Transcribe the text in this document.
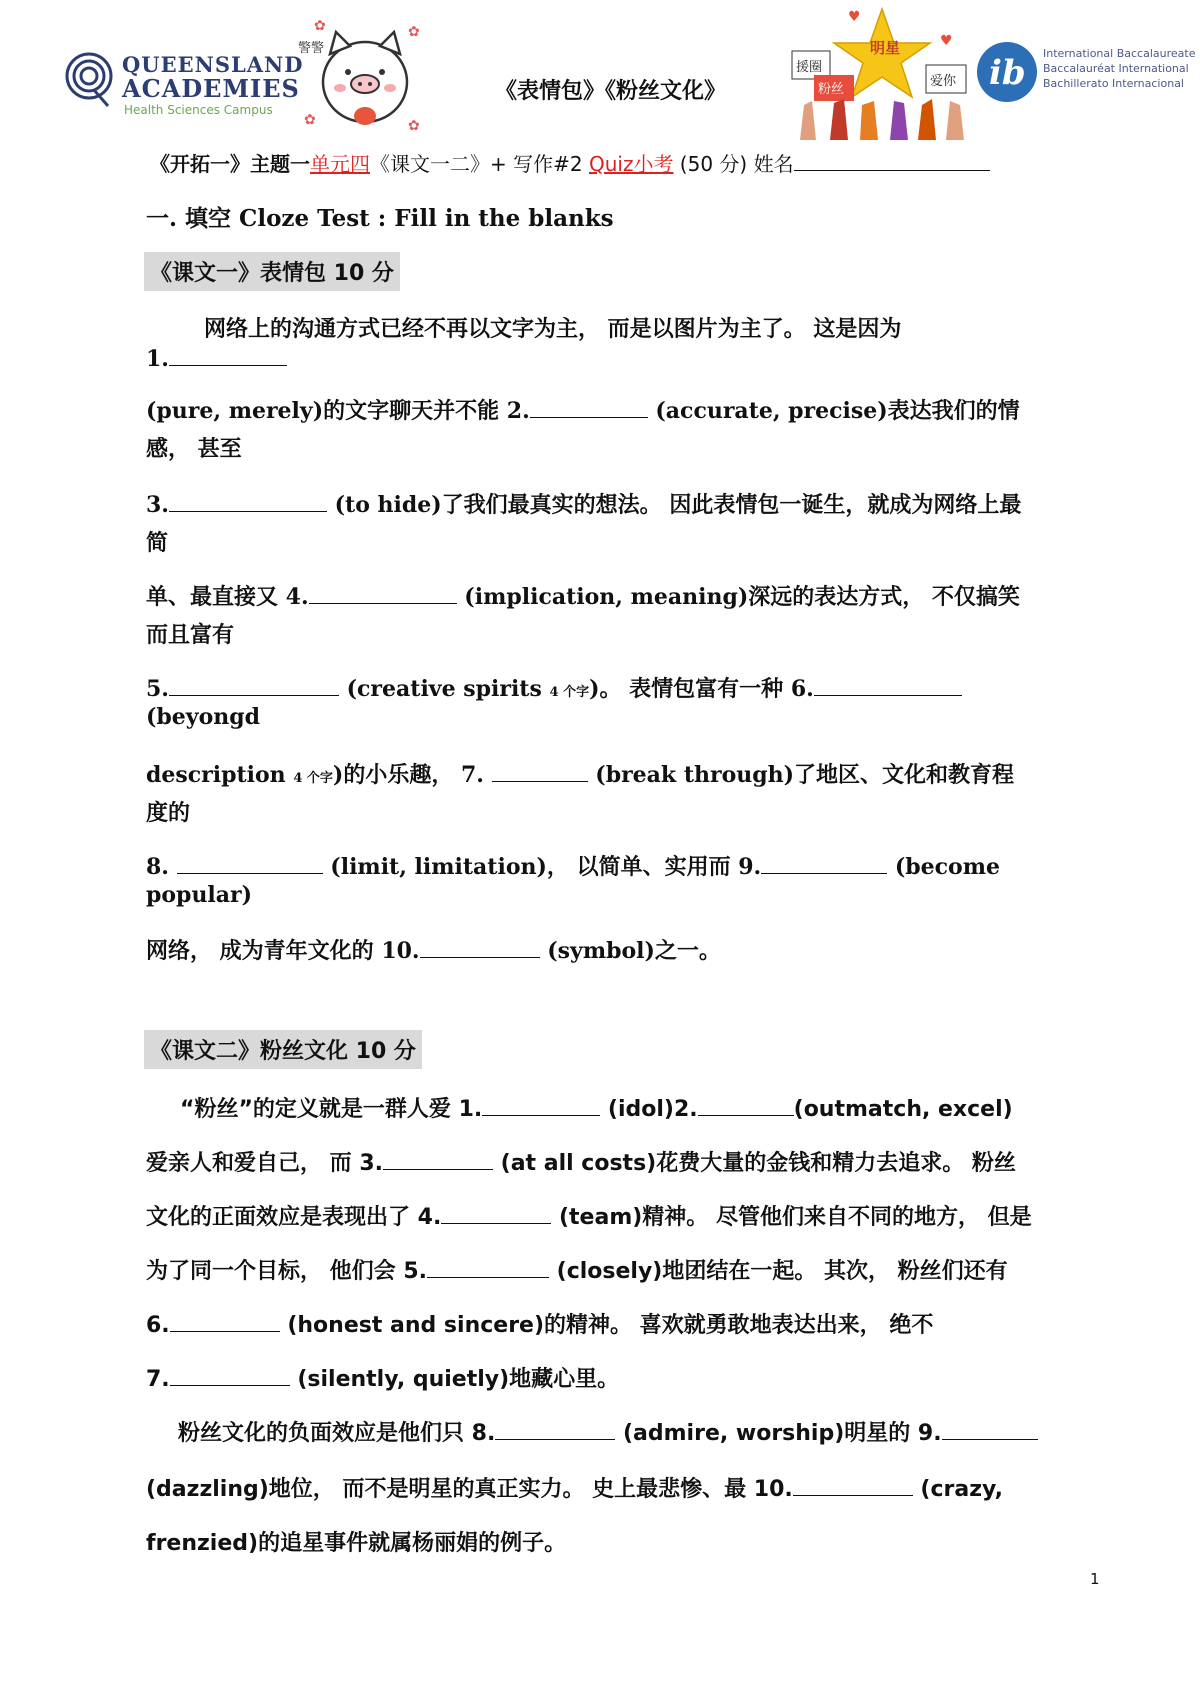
QUEENSLAND
ACADEMIES
Health Sciences Campus
警警
✿	✿
✿	✿
《表情包》《粉丝文化》
明星
援圈
粉丝
爱你
♥
♥
ib International Baccalaureate
Baccalauréat International
Bachillerato Internacional
《开拓一》主题一单元四《课文一二》+ 写作#2 Quiz小考 (50 分) 姓名
一. 填空 Cloze Test : Fill in the blanks
《课文一》表情包 10 分
网络上的沟通方式已经不再以文字为主， 而是以图片为主了。 这是因为
1.
(pure, merely)的文字聊天并不能 2.	(accurate, precise)表达我们的情
感， 甚至
3.	(to hide)了我们最真实的想法。 因此表情包一诞生，就成为网络上最
简
单、最直接又 4.	(implication, meaning)深远的表达方式， 不仅搞笑
而且富有
5.	(creative spirits 4 个字)。 表情包富有一种 6.
(beyongd
description 4 个字)的小乐趣， 7.	(break through)了地区、文化和教育程
度的
8.	(limit, limitation)， 以简单、实用而 9.	(become
popular)
网络， 成为青年文化的 10.	(symbol)之一。
《课文二》粉丝文化 10 分
“粉丝”的定义就是一群人爱 1.	(idol)2.	(outmatch, excel)
爱亲人和爱自己， 而 3.	(at all costs)花费大量的金钱和精力去追求。 粉丝
文化的正面效应是表现出了 4.	(team)精神。 尽管他们来自不同的地方， 但是
为了同一个目标， 他们会 5.	(closely)地团结在一起。 其次， 粉丝们还有
6.	(honest and sincere)的精神。 喜欢就勇敢地表达出来， 绝不
7.	(silently, quietly)地藏心里。
粉丝文化的负面效应是他们只 8.	(admire, worship)明星的 9.
(dazzling)地位， 而不是明星的真正实力。 史上最悲惨、最 10.	(crazy,
frenzied)的追星事件就属杨丽娟的例子。
1
